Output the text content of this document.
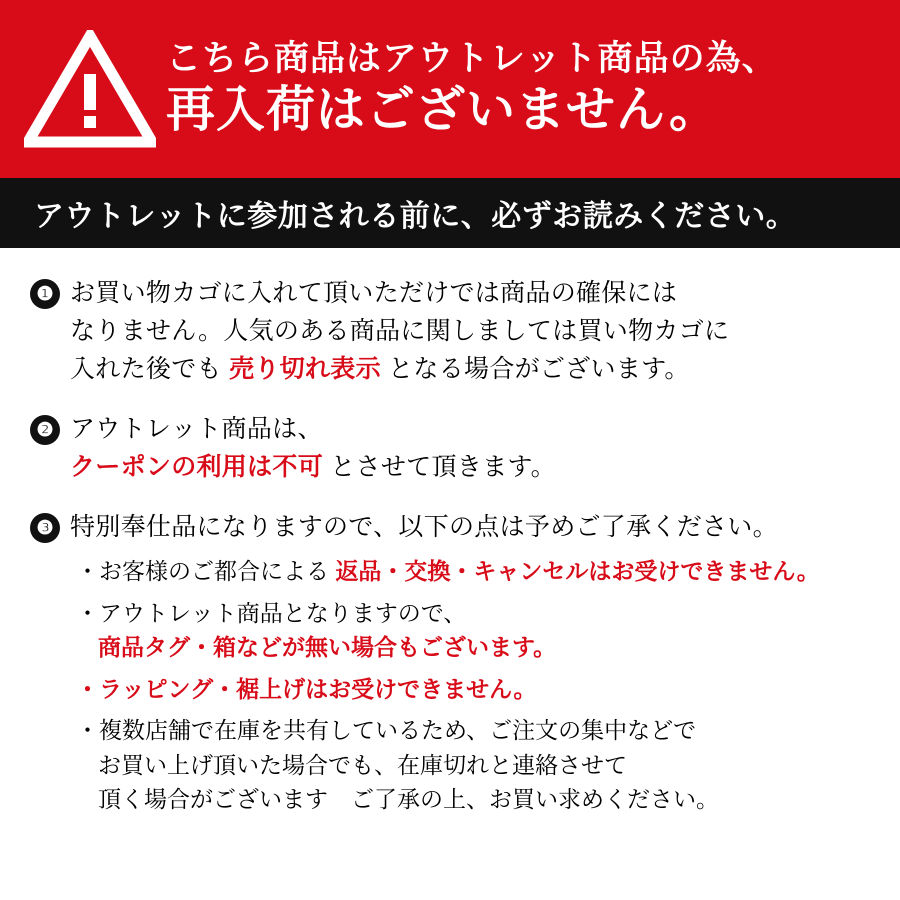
こちら商品はアウトレット商品の為、
再入荷はございません。
アウトレットに参加される前に、必ずお読みください。
❶ お買い物カゴに入れて頂いただけでは商品の確保には
なりません。人気のある商品に関しましては買い物カゴに
入れた後でも 売り切れ表示 となる場合がございます。
❷ アウトレット商品は、
クーポンの利用は不可 とさせて頂きます。
❸ 特別奉仕品になりますので、以下の点は予めご了承ください。
・お客様のご都合による 返品・交換・キャンセルはお受けできません。
・アウトレット商品となりますので、
商品タグ・箱などが無い場合もございます。
・ラッピング・裾上げはお受けできません。
・複数店舗で在庫を共有しているため、ご注文の集中などで
お買い上げ頂いた場合でも、在庫切れと連絡させて
頂く場合がございます　ご了承の上、お買い求めください。
